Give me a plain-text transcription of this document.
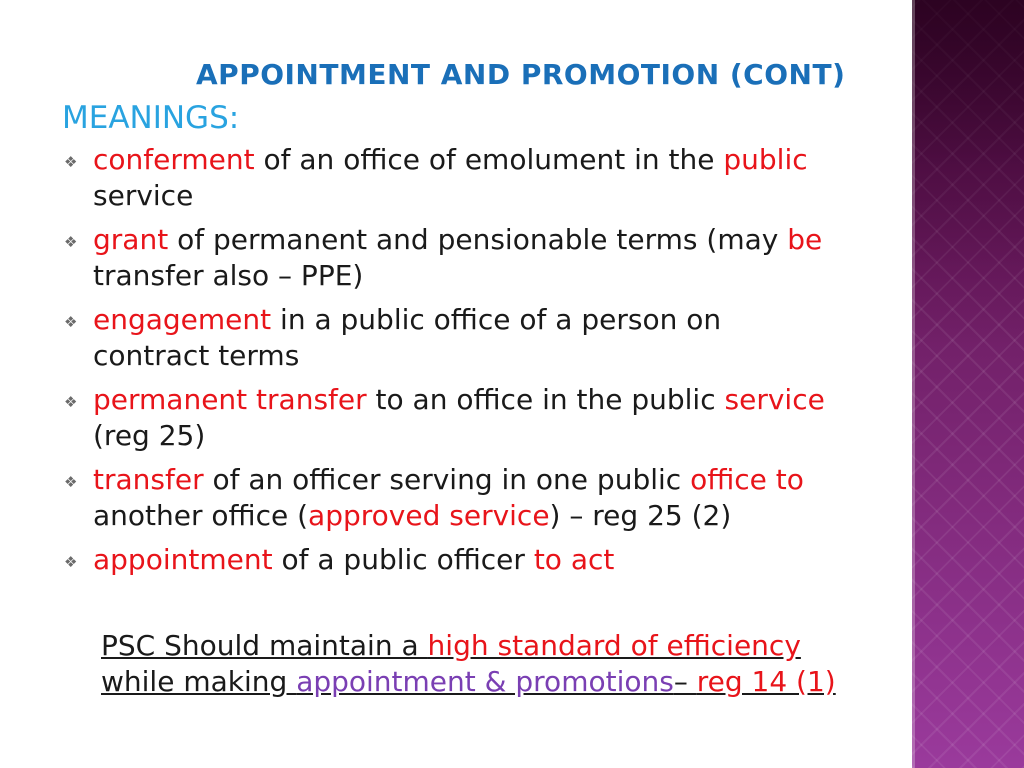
APPOINTMENT AND PROMOTION (CONT)
MEANINGS:
❖ conferment of an office of emolument in the public
service
❖ grant of permanent and pensionable terms (may be
transfer also – PPE)
❖ engagement in a public office of a person on
contract terms
❖ permanent transfer to an office in the public service
(reg 25)
❖ transfer of an officer serving in one public office to
another office (approved service) – reg 25 (2)
❖ appointment of a public officer to act
PSC Should maintain a high standard of efficiency
while making appointment & promotions– reg 14 (1)
